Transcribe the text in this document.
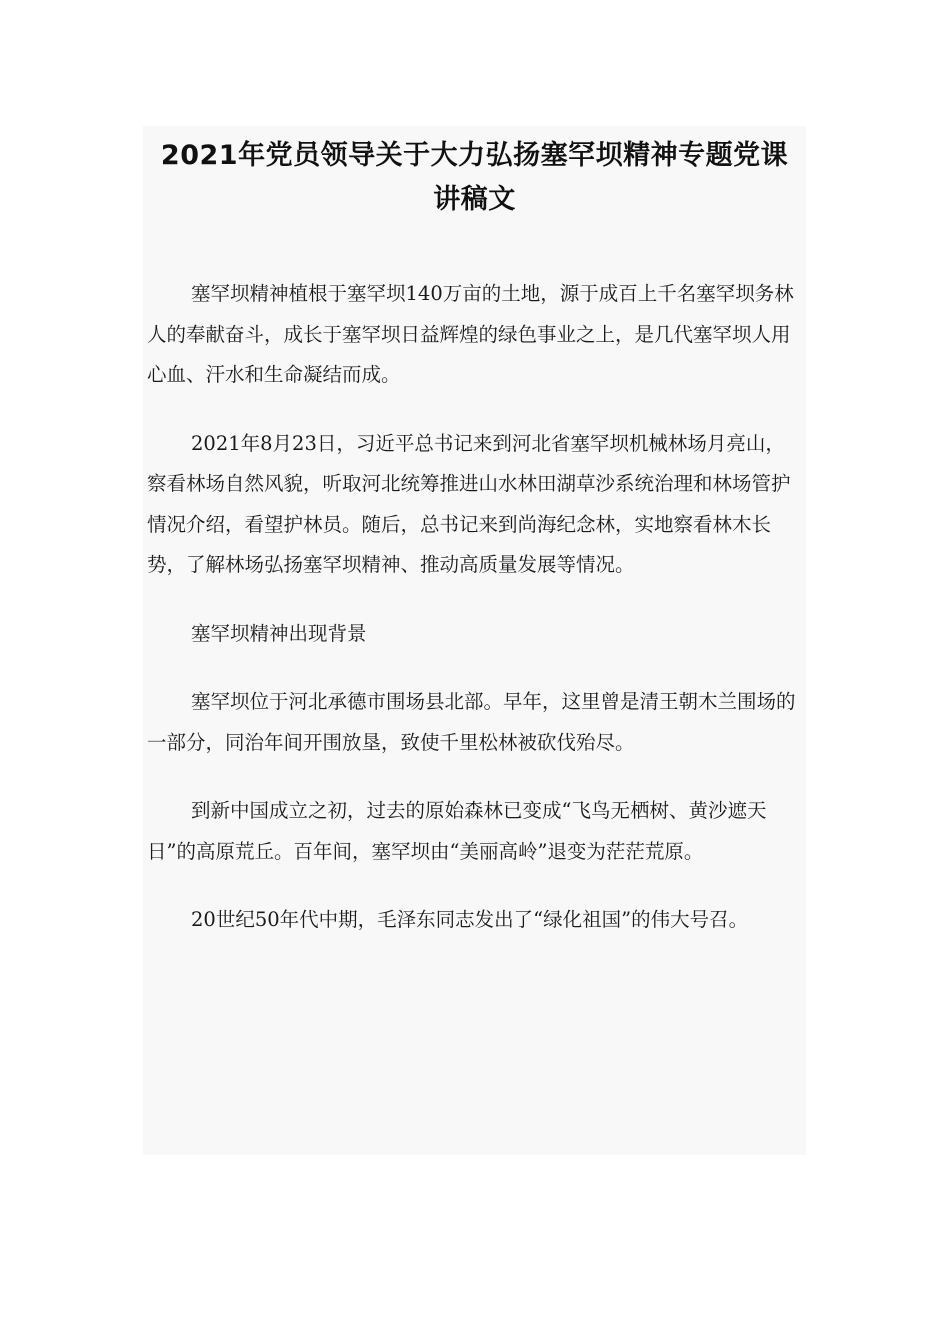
2021年党员领导关于大力弘扬塞罕坝精神专题党课
讲稿文

塞罕坝精神植根于塞罕坝140万亩的土地，源于成百上千名塞罕坝务林人的奉献奋斗，成长于塞罕坝日益辉煌的绿色事业之上，是几代塞罕坝人用心血、汗水和生命凝结而成。

2021年8月23日，习近平总书记来到河北省塞罕坝机械林场月亮山，察看林场自然风貌，听取河北统筹推进山水林田湖草沙系统治理和林场管护情况介绍，看望护林员。随后，总书记来到尚海纪念林，实地察看林木长势，了解林场弘扬塞罕坝精神、推动高质量发展等情况。

塞罕坝精神出现背景

塞罕坝位于河北承德市围场县北部。早年，这里曾是清王朝木兰围场的一部分，同治年间开围放垦，致使千里松林被砍伐殆尽。

到新中国成立之初，过去的原始森林已变成“飞鸟无栖树、黄沙遮天日”的高原荒丘。百年间，塞罕坝由“美丽高岭”退变为茫茫荒原。

20世纪50年代中期，毛泽东同志发出了“绿化祖国”的伟大号召。
